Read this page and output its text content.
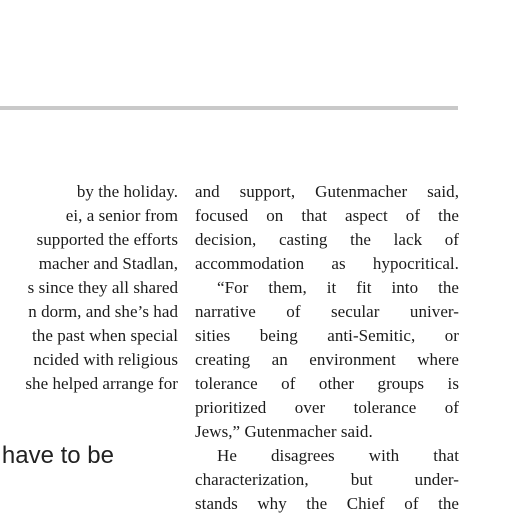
by the holiday.
ei, a senior from
supported the efforts
macher and Stadlan,
s since they all shared
n dorm, and she’s had
the past when special
ncided with religious
she helped arrange for
have to be
and support, Gutenmacher said,
focused on that aspect of the
decision, casting the lack of
accommodation as hypocritical.
“For them, it fit into the
narrative of secular univer-
sities being anti-Semitic, or
creating an environment where
tolerance of other groups is
prioritized over tolerance of
Jews,” Gutenmacher said.
He disagrees with that
characterization, but under-
stands why the Chief of the
